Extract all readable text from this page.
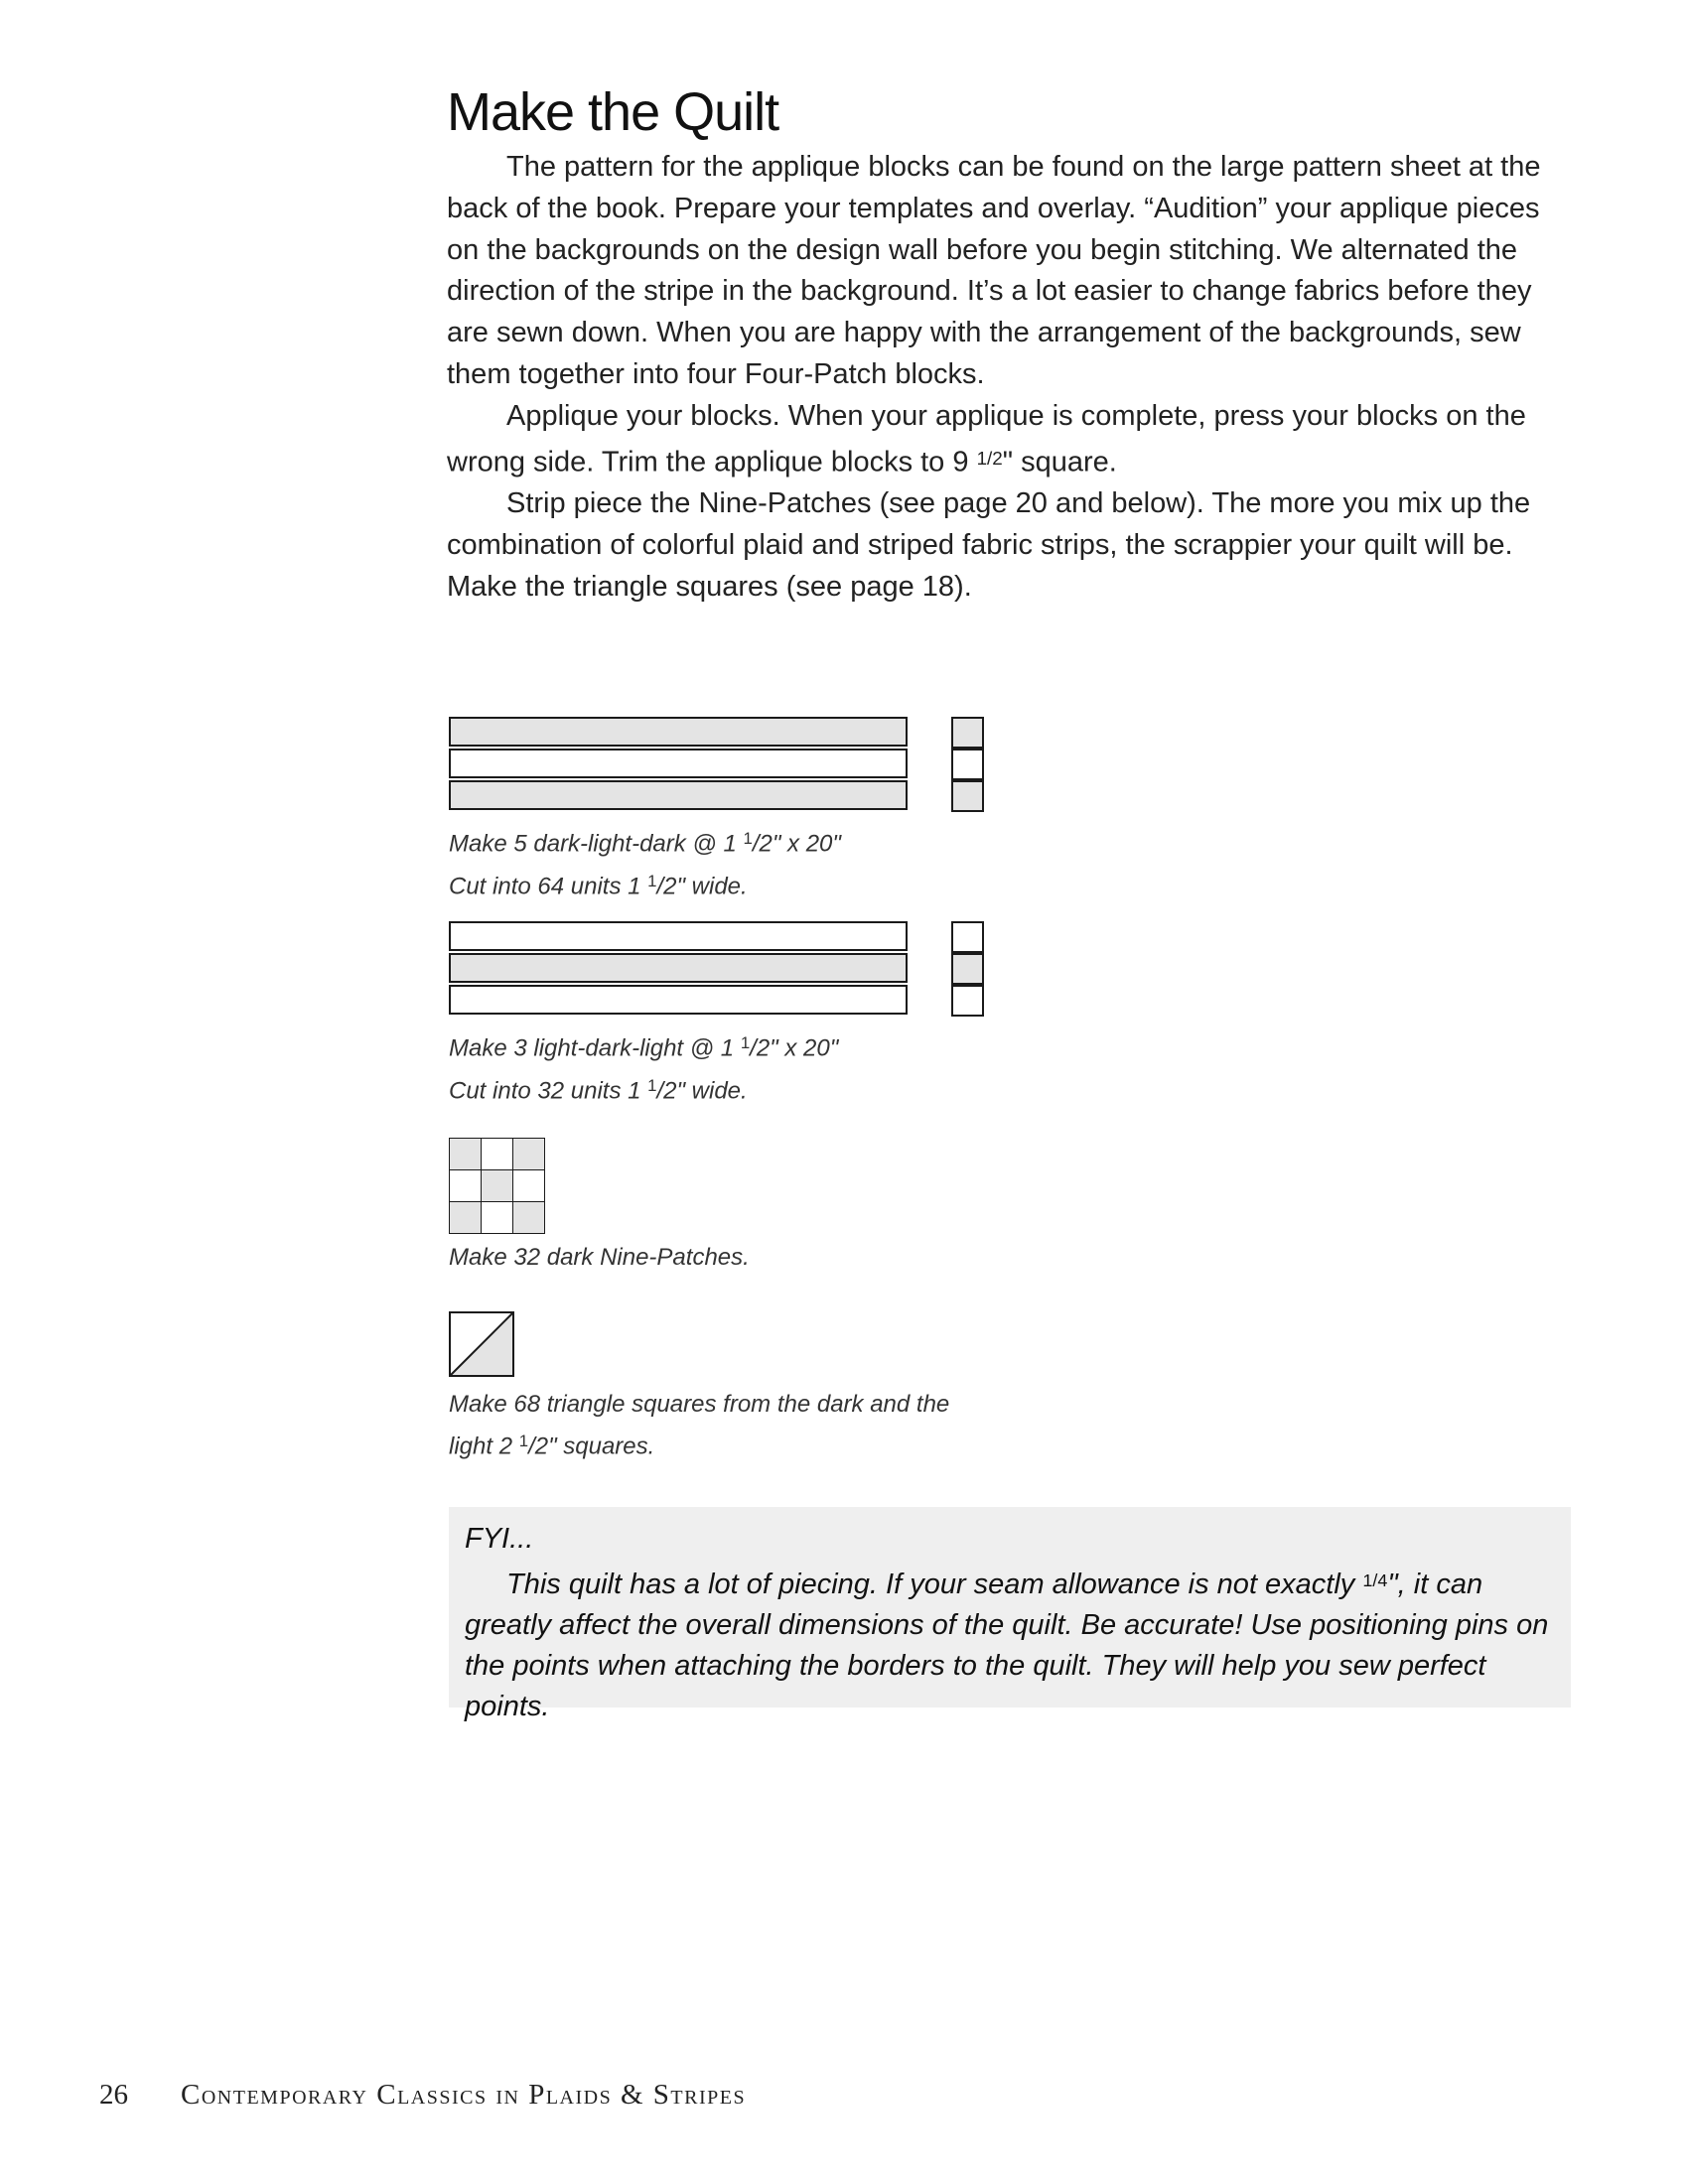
Make the Quilt

The pattern for the applique blocks can be found on the large pattern sheet at the back of the book. Prepare your templates and overlay. “Audition” your applique pieces on the backgrounds on the design wall before you begin stitching. We alternated the direction of the stripe in the background. It’s a lot easier to change fabrics before they are sewn down. When you are happy with the arrangement of the backgrounds, sew them together into four Four-Patch blocks.

Applique your blocks. When your applique is complete, press your blocks on the wrong side. Trim the applique blocks to 9 $^{1/2}$" square.

Strip piece the Nine-Patches (see page 20 and below). The more you mix up the combination of colorful plaid and striped fabric strips, the scrappier your quilt will be. Make the triangle squares (see page 18).

Make 5 dark-light-dark @ 1 $^1$/2" x 20"
Cut into 64 units 1 $^1$/2" wide.
Make 3 light-dark-light @ 1 $^1$/2" x 20"
Cut into 32 units 1 $^1$/2" wide.
Make 32 dark Nine-Patches.
Make 68 triangle squares from the dark and the
light 2 $^1$/2" squares.
FYI...

This quilt has a lot of piecing. If your seam allowance is not exactly $^{1/4}$", it can greatly affect the overall dimensions of the quilt. Be accurate! Use positioning pins on the points when attaching the borders to the quilt. They will help you sew perfect points.

26 Contemporary Classics in Plaids & Stripes
